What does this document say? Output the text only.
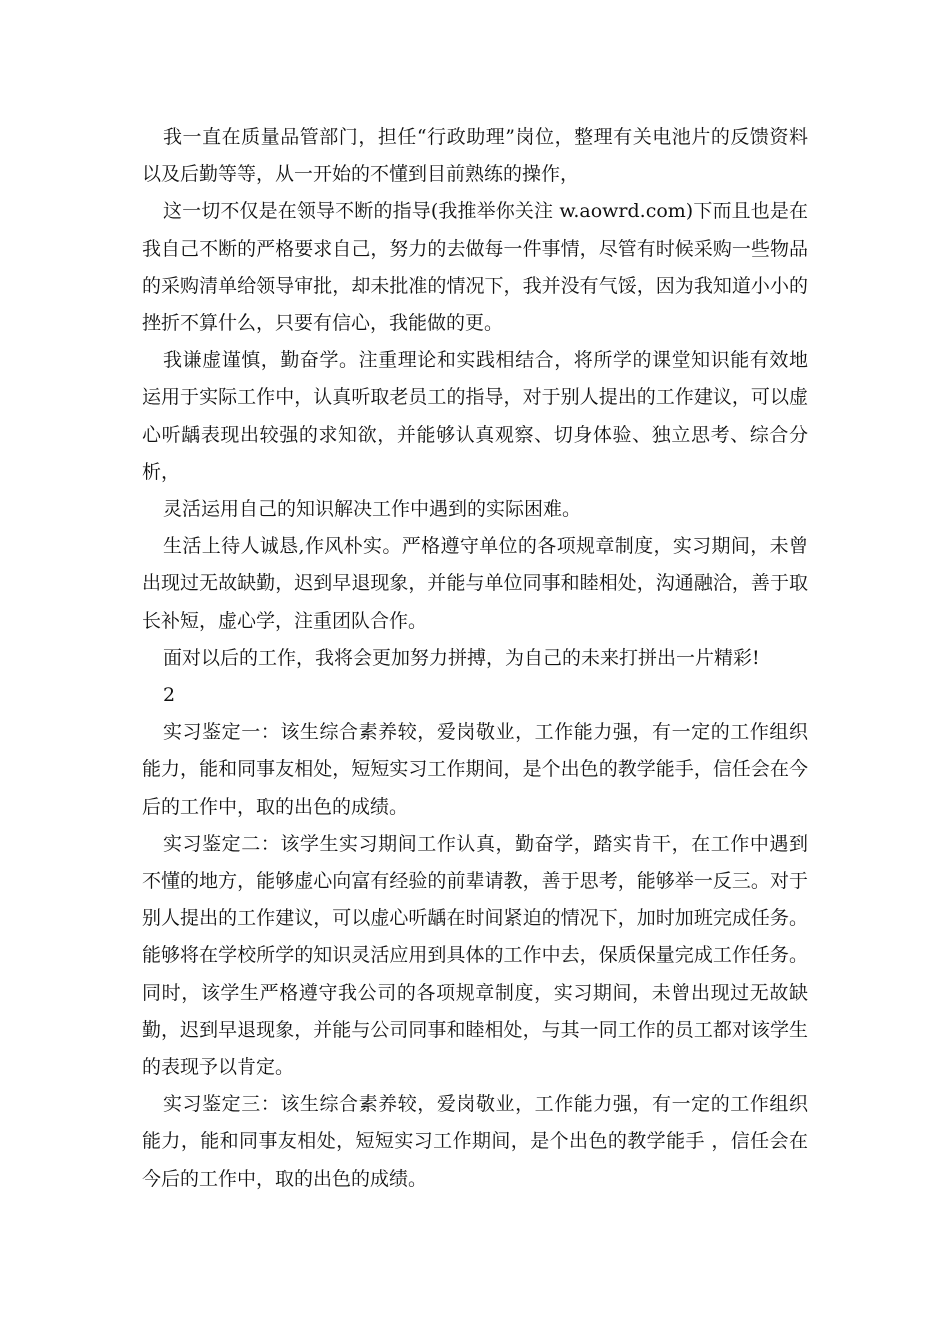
我一直在质量品管部门，担任“行政助理”岗位，整理有关电池片的反馈资料以及后勤等等，从一开始的不懂到目前熟练的操作，

这一切不仅是在领导不断的指导(我推举你关注 w.aowrd.com)下而且也是在我自己不断的严格要求自己，努力的去做每一件事情，尽管有时候采购一些物品的采购清单给领导审批，却未批准的情况下，我并没有气馁，因为我知道小小的挫折不算什么，只要有信心，我能做的更。

我谦虚谨慎，勤奋学。注重理论和实践相结合，将所学的课堂知识能有效地运用于实际工作中，认真听取老员工的指导，对于别人提出的工作建议，可以虚心听龋表现出较强的求知欲，并能够认真观察、切身体验、独立思考、综合分析，

灵活运用自己的知识解决工作中遇到的实际困难。

生活上待人诚恳,作风朴实。严格遵守单位的各项规章制度，实习期间，未曾出现过无故缺勤，迟到早退现象，并能与单位同事和睦相处，沟通融洽，善于取长补短，虚心学，注重团队合作。

面对以后的工作，我将会更加努力拼搏，为自己的未来打拼出一片精彩!

2

实习鉴定一：该生综合素养较，爱岗敬业，工作能力强，有一定的工作组织能力，能和同事友相处，短短实习工作期间，是个出色的教学能手，信任会在今后的工作中，取的出色的成绩。

实习鉴定二：该学生实习期间工作认真，勤奋学，踏实肯干，在工作中遇到不懂的地方，能够虚心向富有经验的前辈请教，善于思考，能够举一反三。对于别人提出的工作建议，可以虚心听龋在时间紧迫的情况下，加时加班完成任务。能够将在学校所学的知识灵活应用到具体的工作中去，保质保量完成工作任务。同时，该学生严格遵守我公司的各项规章制度，实习期间，未曾出现过无故缺勤，迟到早退现象，并能与公司同事和睦相处，与其一同工作的员工都对该学生的表现予以肯定。

实习鉴定三：该生综合素养较，爱岗敬业，工作能力强，有一定的工作组织能力，能和同事友相处，短短实习工作期间，是个出色的教学能手 ，信任会在今后的工作中，取的出色的成绩。
